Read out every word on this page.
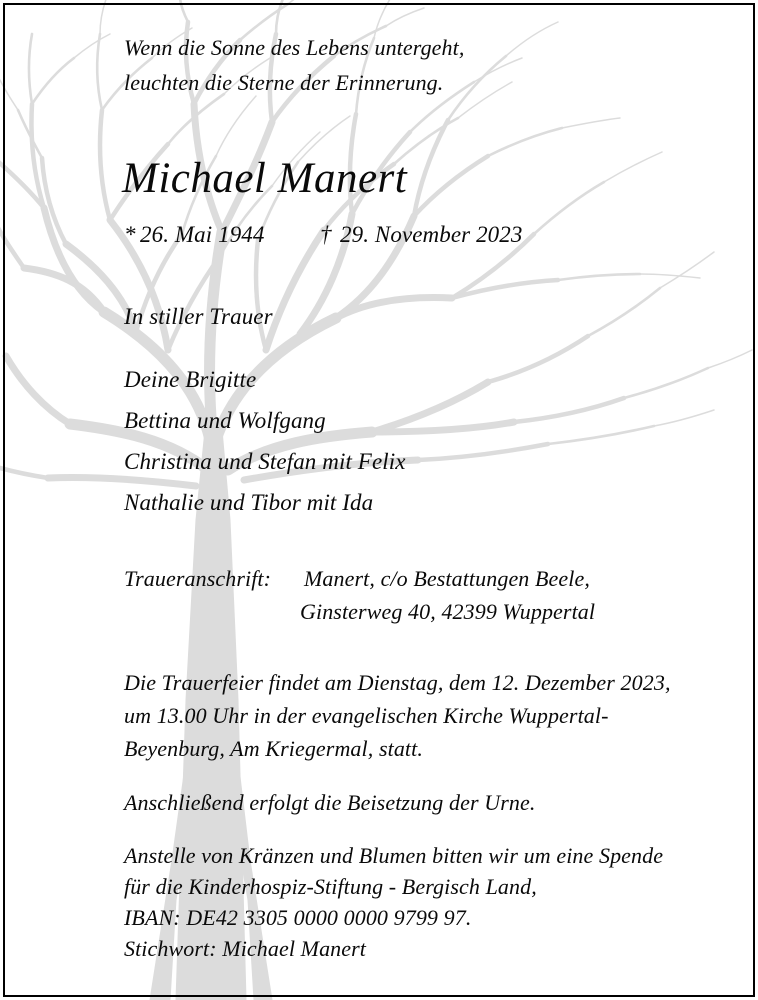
Wenn die Sonne des Lebens untergeht,
leuchten die Sterne der Erinnerung.
Michael Manert
* 26. Mai 1944 † 29. November 2023
In stiller Trauer
Deine Brigitte
Bettina und Wolfgang
Christina und Stefan mit Felix
Nathalie und Tibor mit Ida
Traueranschrift: Manert, c/o Bestattungen Beele,
Ginsterweg 40, 42399 Wuppertal
Die Trauerfeier findet am Dienstag, dem 12. Dezember 2023,
um 13.00 Uhr in der evangelischen Kirche Wuppertal-
Beyenburg, Am Kriegermal, statt.
Anschließend erfolgt die Beisetzung der Urne.
Anstelle von Kränzen und Blumen bitten wir um eine Spende
für die Kinderhospiz-Stiftung - Bergisch Land,
IBAN: DE42 3305 0000 0000 9799 97.
Stichwort: Michael Manert
